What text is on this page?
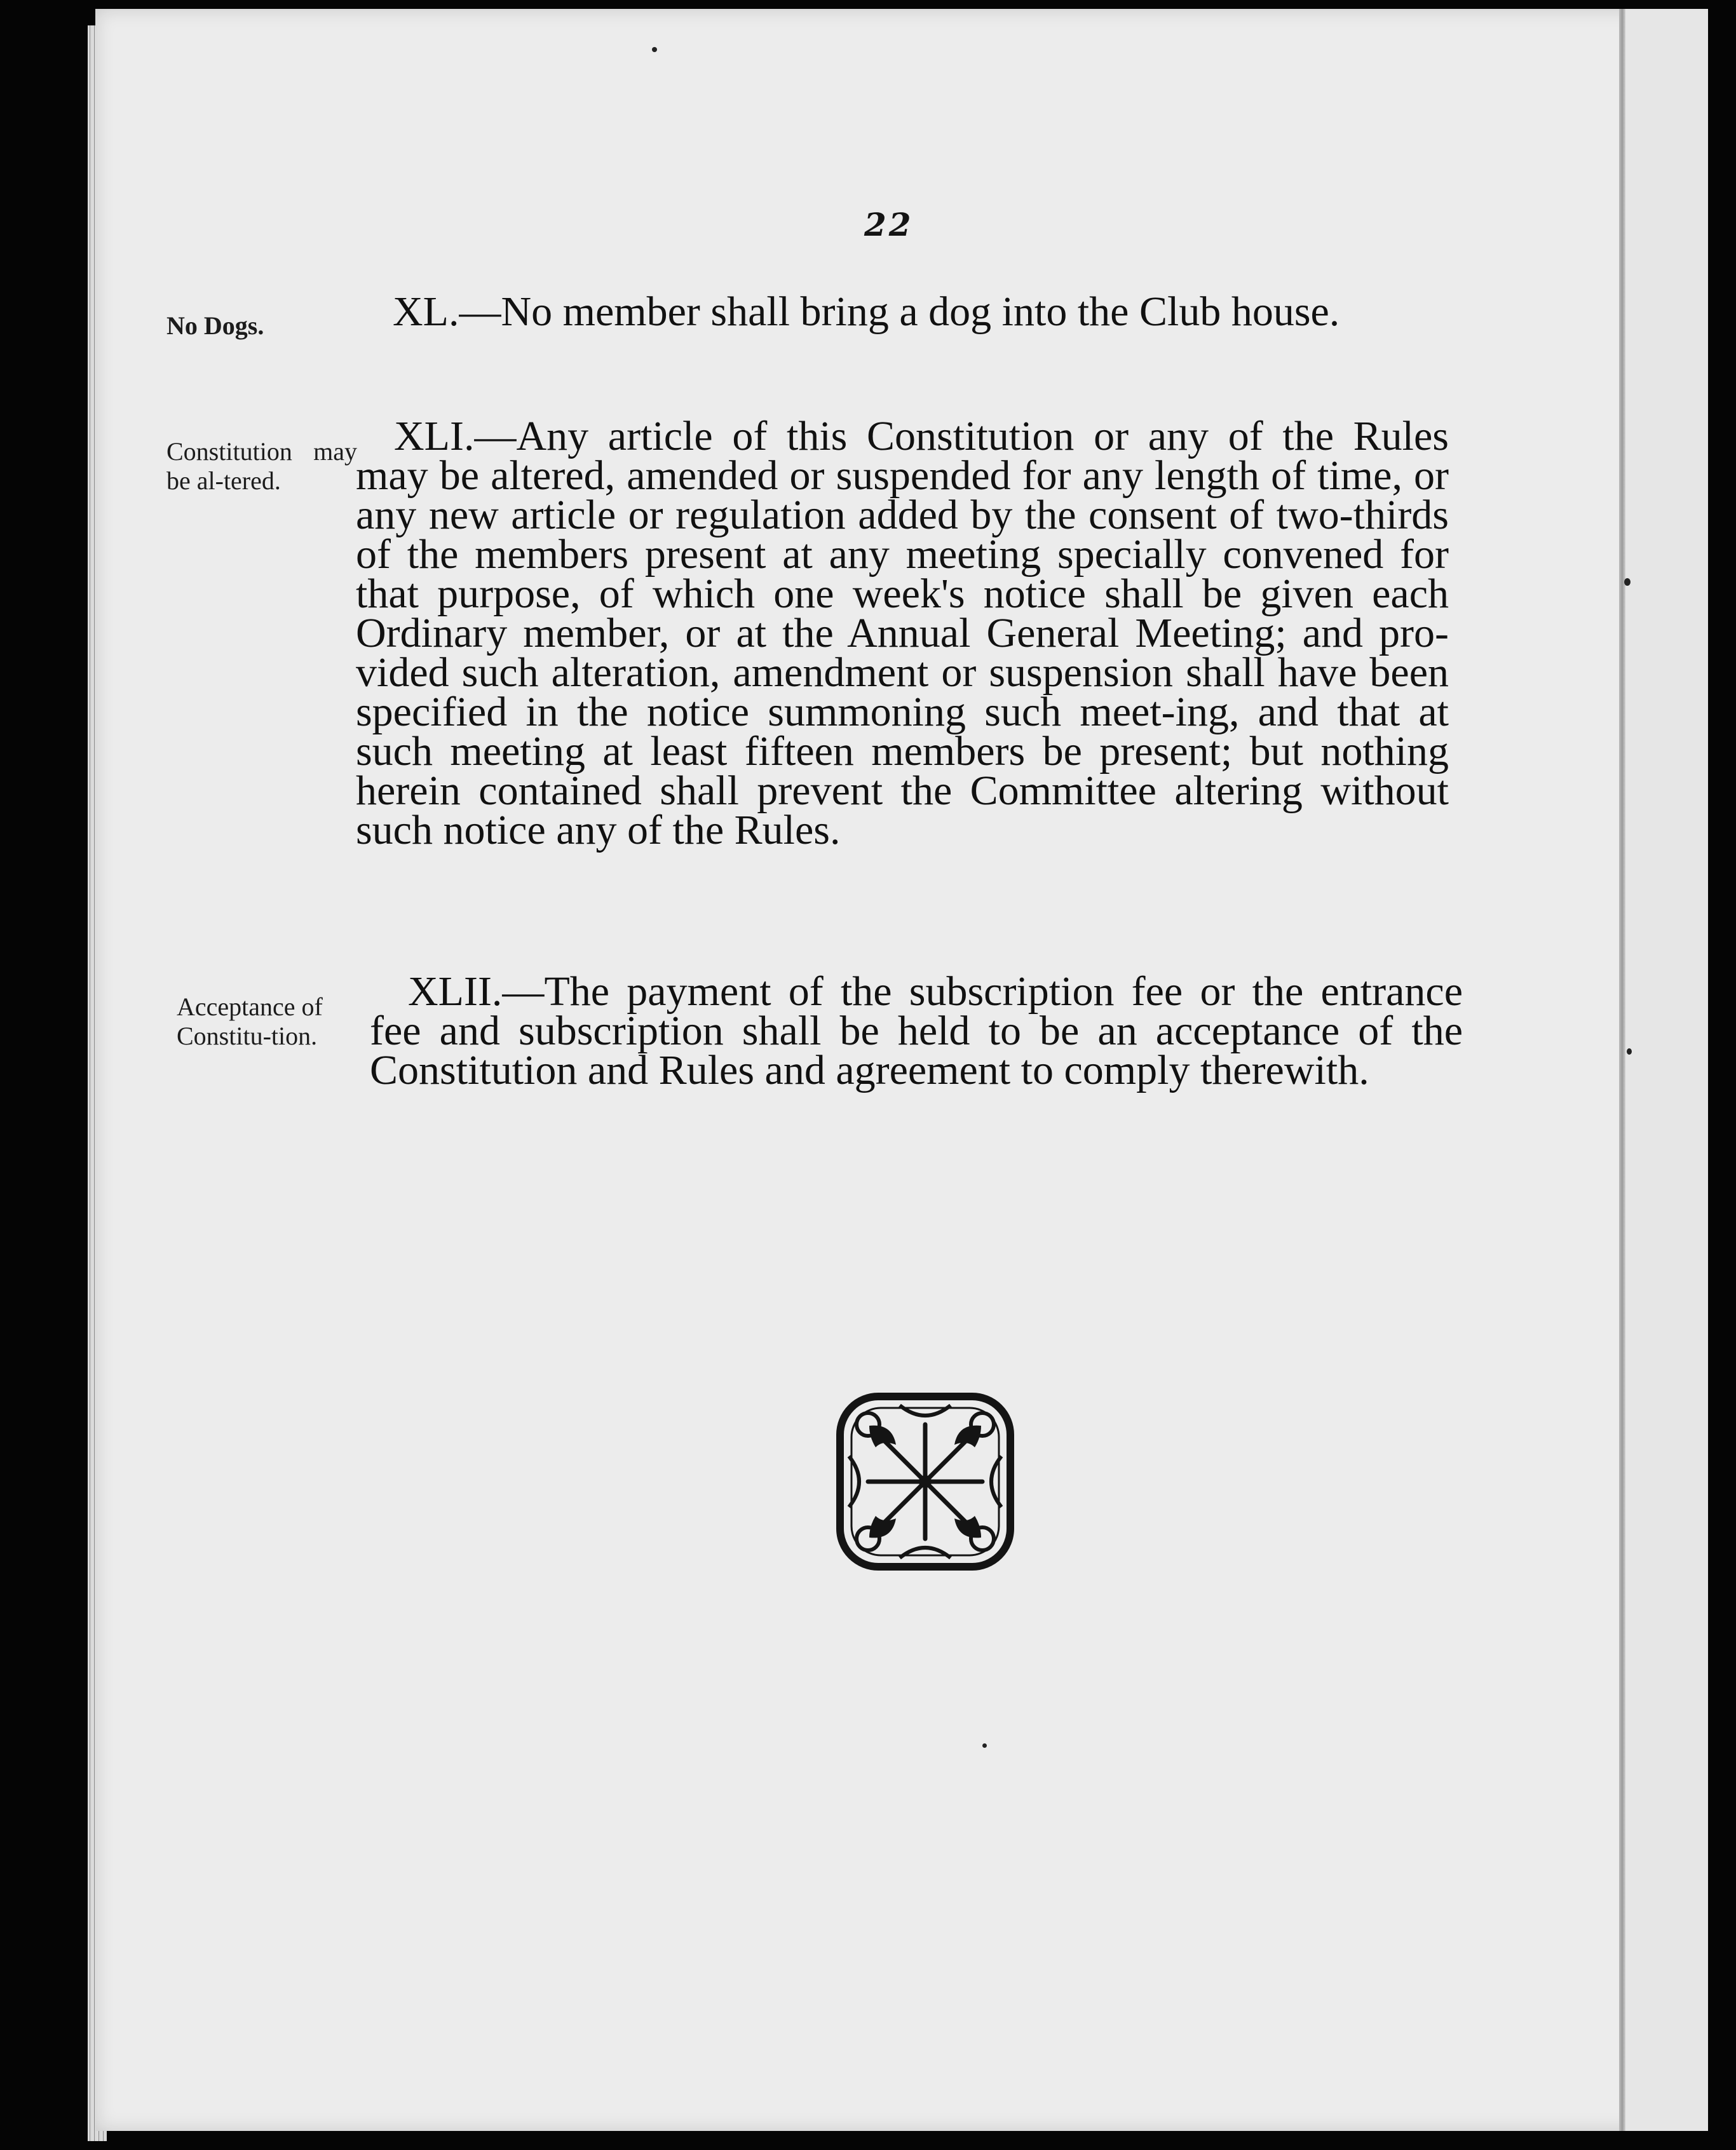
22
No Dogs.	XL.—No member shall bring a dog into the Club house.
Constitution may be al-tered.
XLI.—Any article of this Constitution or any of the Rules may be altered, amended or suspended for any length of time, or any new article or regulation added by the consent of two-thirds of the members present at any meeting specially convened for that purpose, of which one week's notice shall be given each Ordinary member, or at the Annual General Meeting; and pro-vided such alteration, amendment or suspension shall have been specified in the notice summoning such meet-ing, and that at such meeting at least fifteen members be present; but nothing herein contained shall prevent the Committee altering without such notice any of the Rules.
Acceptance of Constitu-tion.
XLII.—The payment of the subscription fee or the entrance fee and subscription shall be held to be an acceptance of the Constitution and Rules and agreement to comply therewith.
